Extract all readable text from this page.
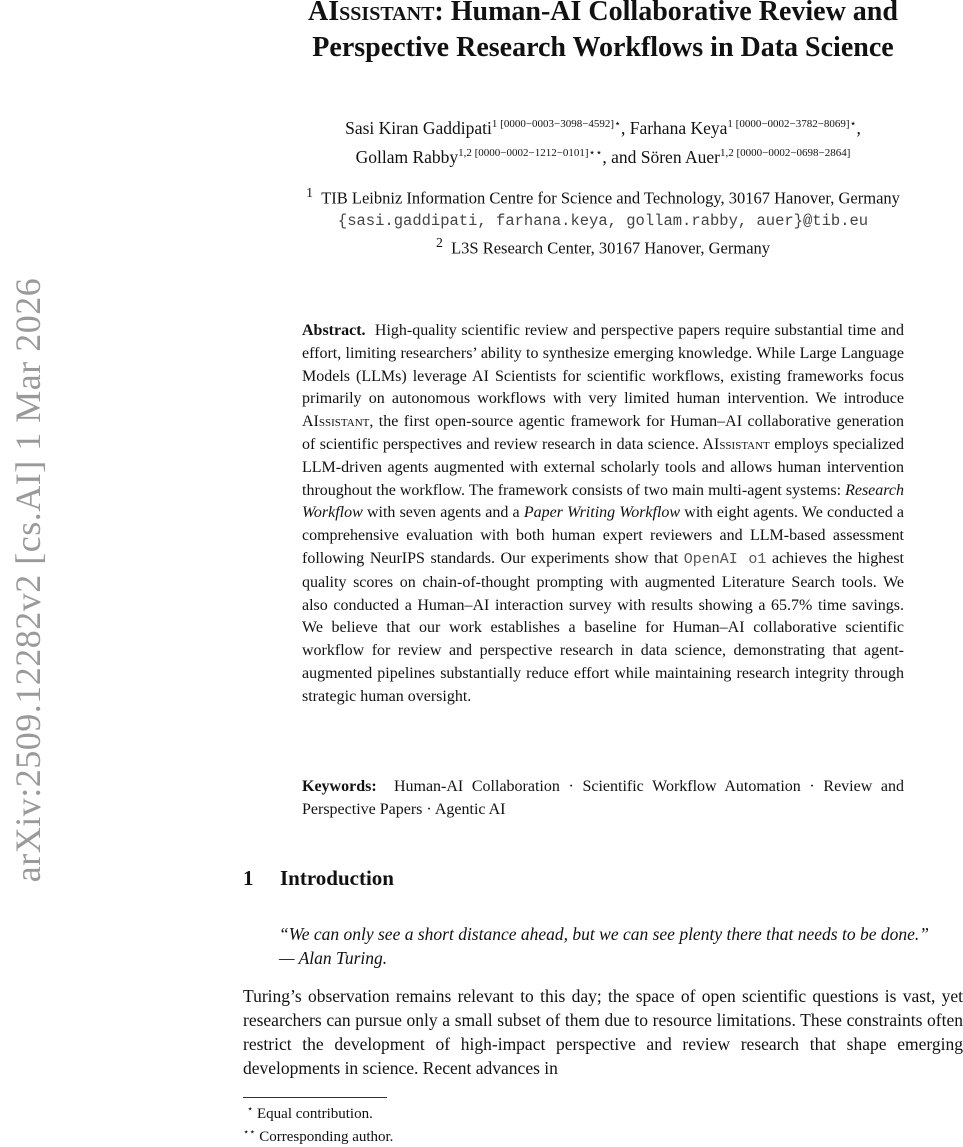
arXiv:2509.12282v2 [cs.AI] 1 Mar 2026
AIssistant: Human-AI Collaborative Review and
Perspective Research Workflows in Data Science
Sasi Kiran Gaddipati$^{1 [0000-0003-3098-4592]⋆}$, Farhana Keya$^{1 [0000-0002-3782-8069]⋆}$,
Gollam Rabby$^{1,2 [0000-0002-1212-0101]⋆⋆}$, and Sören Auer$^{1,2 [0000-0002-0698-2864]}$
$^1$ TIB Leibniz Information Centre for Science and Technology, 30167 Hanover, Germany
{sasi.gaddipati, farhana.keya, gollam.rabby, auer}@tib.eu
$^2$ L3S Research Center, 30167 Hanover, Germany
Abstract. High-quality scientific review and perspective papers require substantial time and effort, limiting researchers’ ability to synthesize emerging knowledge. While Large Language Models (LLMs) leverage AI Scientists for scientific workflows, existing frameworks focus primarily on autonomous workflows with very limited human intervention. We introduce AIssistant, the first open-source agentic framework for Human–AI collaborative generation of scientific perspectives and review research in data science. AIssistant employs specialized LLM-driven agents augmented with external scholarly tools and allows human intervention throughout the workflow. The framework consists of two main multi-agent systems: Research Workflow with seven agents and a Paper Writing Workflow with eight agents. We conducted a comprehensive evaluation with both human expert reviewers and LLM-based assessment following NeurIPS standards. Our experiments show that OpenAI o1 achieves the highest quality scores on chain-of-thought prompting with augmented Literature Search tools. We also conducted a Human–AI interaction survey with results showing a 65.7% time savings. We believe that our work establishes a baseline for Human–AI collaborative scientific workflow for review and perspective research in data science, demonstrating that agent-augmented pipelines substantially reduce effort while maintaining research integrity through strategic human oversight.
Keywords: Human-AI Collaboration · Scientific Workflow Automation · Review and Perspective Papers · Agentic AI
1 Introduction
“We can only see a short distance ahead, but we can see plenty there that needs to be done.” — Alan Turing.
Turing’s observation remains relevant to this day; the space of open scientific questions is vast, yet researchers can pursue only a small subset of them due to resource limitations. These constraints often restrict the development of high-impact perspective and review research that shape emerging developments in science. Recent advances in
⋆ Equal contribution.
⋆⋆ Corresponding author.
